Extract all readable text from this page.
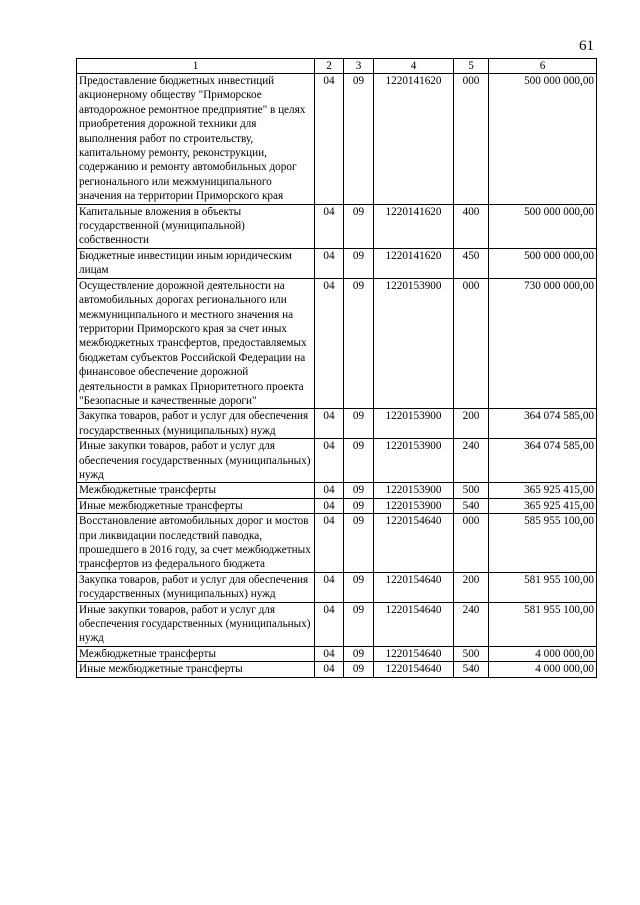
61
1	2	3	4	5	6
Предоставление бюджетных инвестиций акционерному обществу "Приморское автодорожное ремонтное предприятие" в целях приобретения дорожной техники для выполнения работ по строительству, капитальному ремонту, реконструкции, содержанию и ремонту автомобильных дорог регионального или межмуниципального значения на территории Приморского края	04	09	1220141620	000	500 000 000,00
Капитальные вложения в объекты государственной (муниципальной) собственности	04	09	1220141620	400	500 000 000,00
Бюджетные инвестиции иным юридическим лицам	04	09	1220141620	450	500 000 000,00
Осуществление дорожной деятельности на автомобильных дорогах регионального или межмуниципального и местного значения на территории Приморского края за счет иных межбюджетных трансфертов, предоставляемых бюджетам субъектов Российской Федерации на финансовое обеспечение дорожной деятельности в рамках Приоритетного проекта "Безопасные и качественные дороги"	04	09	1220153900	000	730 000 000,00
Закупка товаров, работ и услуг для обеспечения государственных (муниципальных) нужд	04	09	1220153900	200	364 074 585,00
Иные закупки товаров, работ и услуг для обеспечения государственных (муниципальных) нужд	04	09	1220153900	240	364 074 585,00
Межбюджетные трансферты	04	09	1220153900	500	365 925 415,00
Иные межбюджетные трансферты	04	09	1220153900	540	365 925 415,00
Восстановление автомобильных дорог и мостов при ликвидации последствий паводка, прошедшего в 2016 году, за счет межбюджетных трансфертов из федерального бюджета	04	09	1220154640	000	585 955 100,00
Закупка товаров, работ и услуг для обеспечения государственных (муниципальных) нужд	04	09	1220154640	200	581 955 100,00
Иные закупки товаров, работ и услуг для обеспечения государственных (муниципальных) нужд	04	09	1220154640	240	581 955 100,00
Межбюджетные трансферты	04	09	1220154640	500	4 000 000,00
Иные межбюджетные трансферты	04	09	1220154640	540	4 000 000,00
